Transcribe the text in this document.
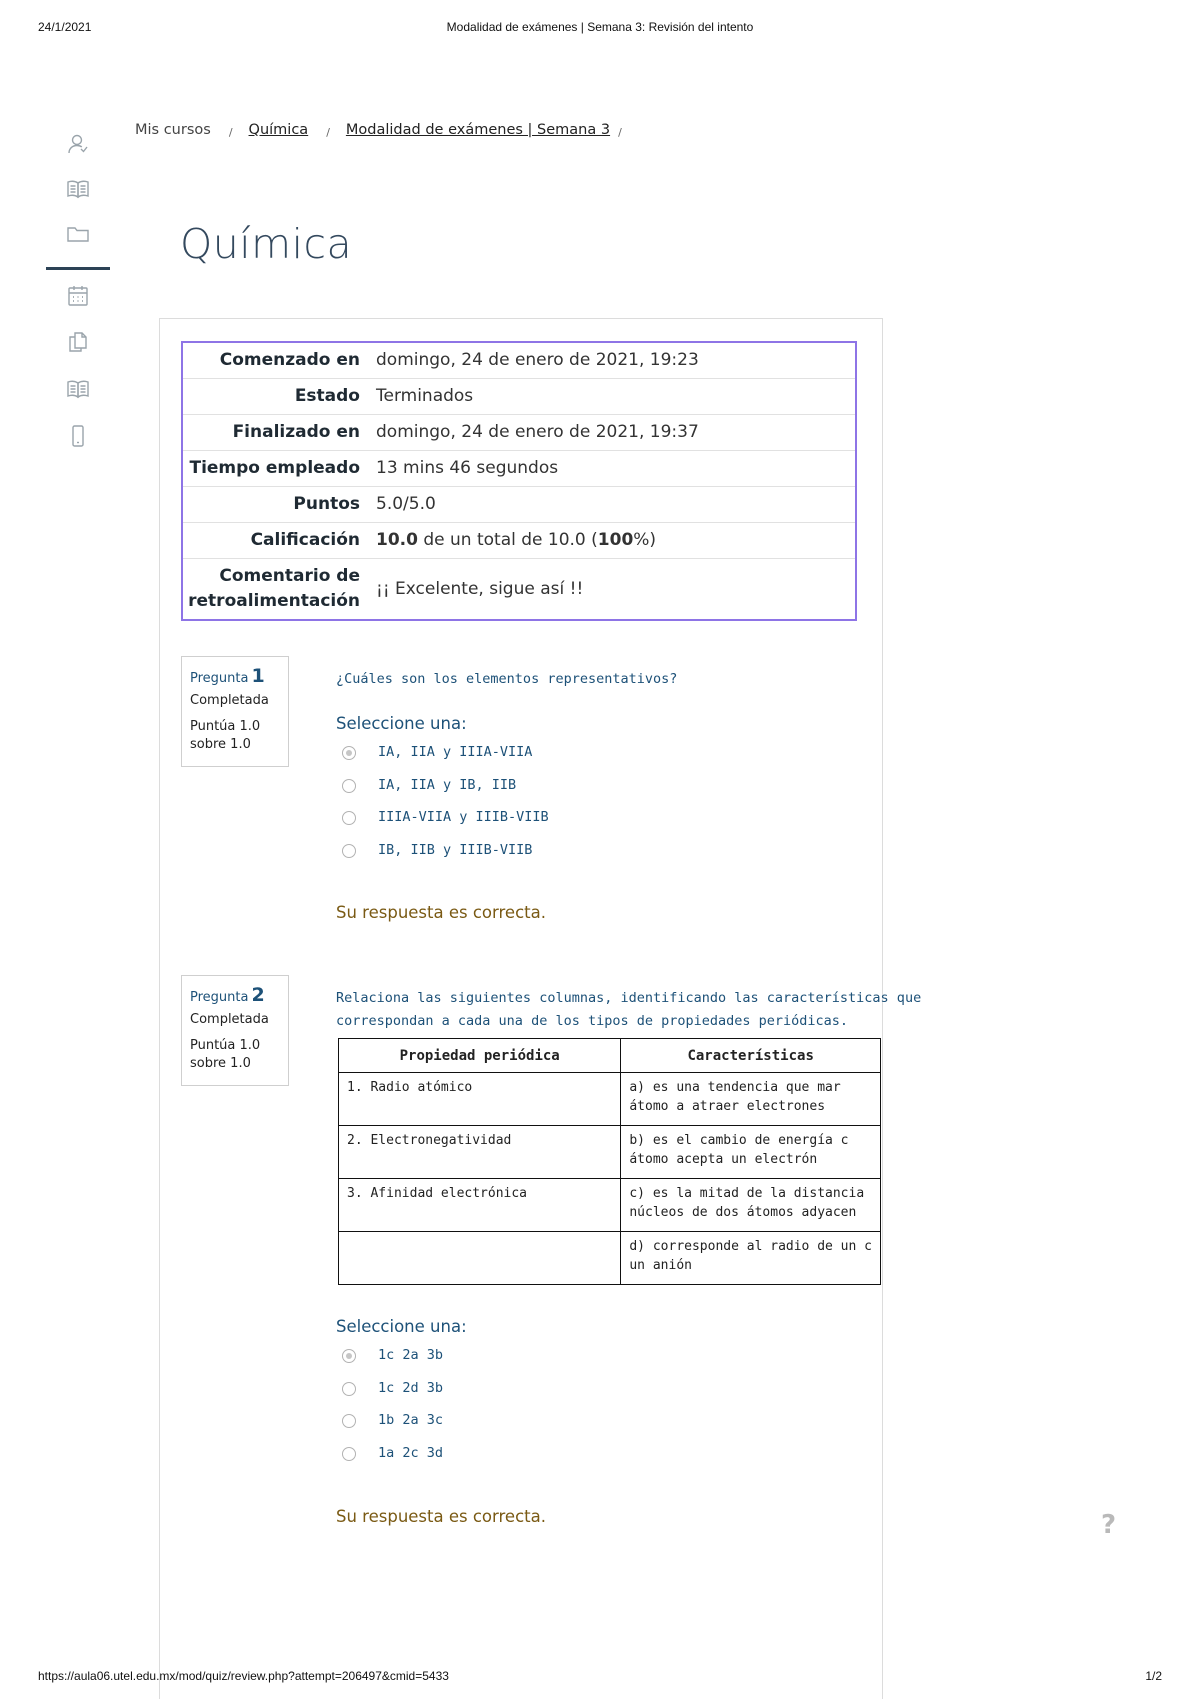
24/1/2021	Modalidad de exámenes | Semana 3: Revisión del intento
Mis cursos / Química / Modalidad de exámenes | Semana 3 /
Química
Comenzado en	domingo, 24 de enero de 2021, 19:23
Estado	Terminados
Finalizado en	domingo, 24 de enero de 2021, 19:37
Tiempo empleado	13 mins 46 segundos
Puntos	5.0/5.0
Calificación	10.0 de un total de 10.0 (100%)
Comentario de retroalimentación	¡¡ Excelente, sigue así !!
Pregunta 1
Completada
Puntúa 1.0 sobre 1.0
¿Cuáles son los elementos representativos?
Seleccione una:
IA, IIA y IIIA-VIIA
IA, IIA y IB, IIB
IIIA-VIIA y IIIB-VIIB
IB, IIB y IIIB-VIIB
Su respuesta es correcta.
Pregunta 2
Completada
Puntúa 1.0 sobre 1.0
Relaciona las siguientes columnas, identificando las características que
correspondan a cada una de los tipos de propiedades periódicas.
Propiedad periódica	Características
1. Radio atómico	a) es una tendencia que mar
átomo a atraer electrones

2. Electronegatividad	b) es el cambio de energía c
átomo acepta un electrón

3. Afinidad electrónica	c) es la mitad de la distancia
núcleos de dos átomos adyacen

	d) corresponde al radio de un c
un anión
Seleccione una:
1c 2a 3b
1c 2d 3b
1b 2a 3c
1a 2c 3d
Su respuesta es correcta.	?
https://aula06.utel.edu.mx/mod/quiz/review.php?attempt=206497&cmid=5433	1/2
